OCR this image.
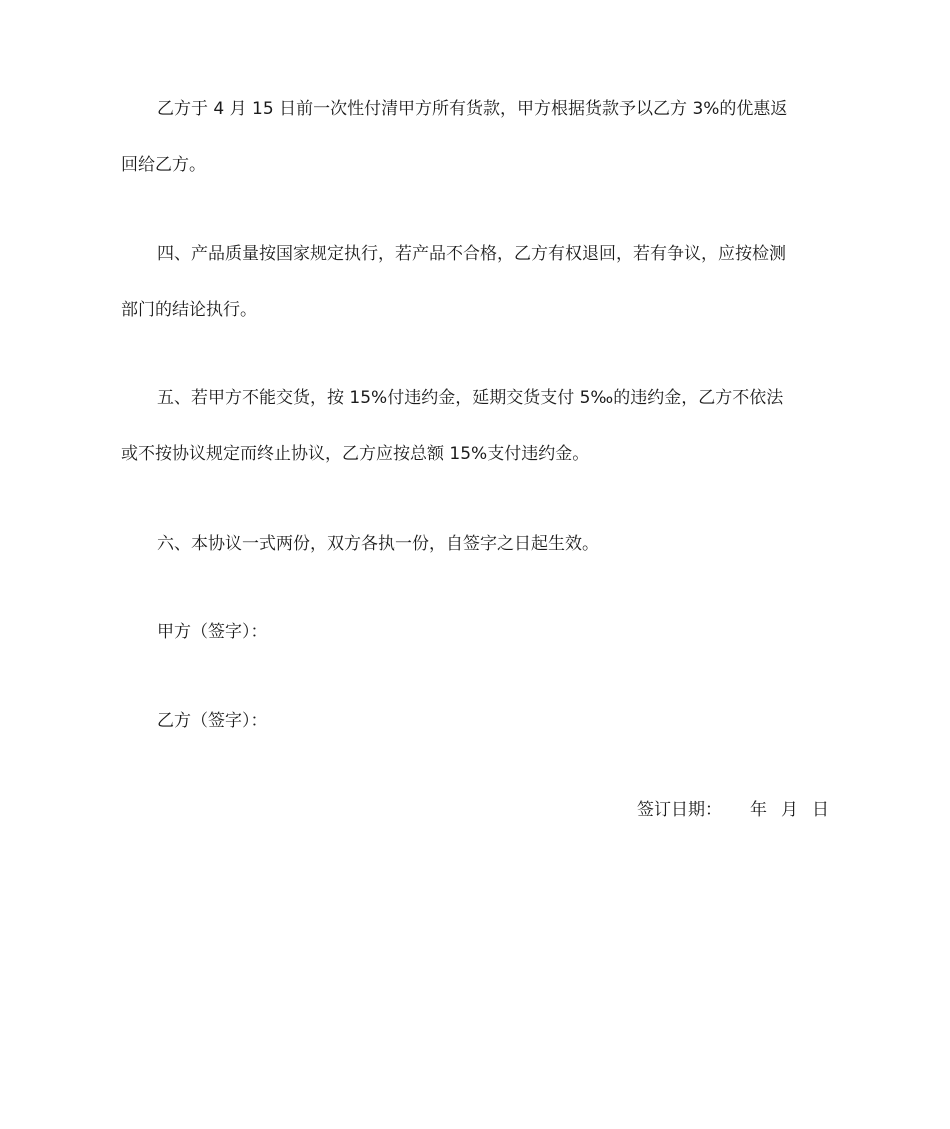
乙方于 4 月 15 日前一次性付清甲方所有货款，甲方根据货款予以乙方 3%的优惠返
回给乙方。
四、产品质量按国家规定执行，若产品不合格，乙方有权退回，若有争议，应按检测
部门的结论执行。
五、若甲方不能交货，按 15%付违约金，延期交货支付 5‰的违约金，乙方不依法
或不按协议规定而终止协议，乙方应按总额 15%支付违约金。
六、本协议一式两份，双方各执一份，自签字之日起生效。
甲方（签字）：
乙方（签字）：
签订日期： 年 月 日
